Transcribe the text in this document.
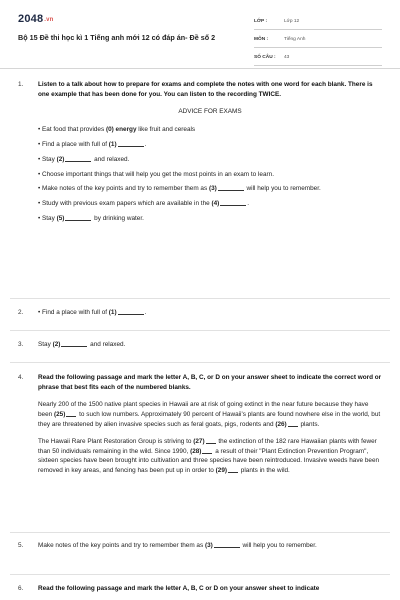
2048.vn
Bộ 15 Đề thi học kì 1 Tiếng anh mới 12 có đáp án- Đề số 2
LỚP :	Lớp 12
MÔN :	Tiếng Anh
SỐ CÂU :	43
1.	Listen to a talk about how to prepare for exams and complete the notes with one word for each blank. There is one example that has been done for you. You can listen to the recording TWICE.
ADVICE FOR EXAMS
• Eat food that provides (0) energy like fruit and cereals
• Find a place with full of (1)	.
• Stay (2)	and relaxed.
• Choose important things that will help you get the most points in an exam to learn.
• Make notes of the key points and try to remember them as (3)	will help you to remember.
• Study with previous exam papers which are available in the (4)	.
• Stay (5)	by drinking water.
2.	• Find a place with full of (1)	.
3.	Stay (2)	and relaxed.
4.	Read the following passage and mark the letter A, B, C, or D on your answer sheet to indicate the correct word or phrase that best fits each of the numbered blanks.
Nearly 200 of the 1500 native plant species in Hawaii are at risk of going extinct in the near future because they have been (25) to such low numbers. Approximately 90 percent of Hawaii's plants are found nowhere else in the world, but they are threatened by alien invasive species such as feral goats, pigs, rodents and (26) plants.
The Hawaii Rare Plant Restoration Group is striving to (27) the extinction of the 182 rare Hawaiian plants with fewer than 50 individuals remaining in the wild. Since 1990, (28) a result of their "Plant Extinction Prevention Program", sixteen species have been brought into cultivation and three species have been reintroduced. Invasive weeds have been removed in key areas, and fencing has been put up in order to (29) plants in the wild.
5.	Make notes of the key points and try to remember them as (3)	will help you to remember.
6.	Read the following passage and mark the letter A, B, C or D on your answer sheet to indicate
